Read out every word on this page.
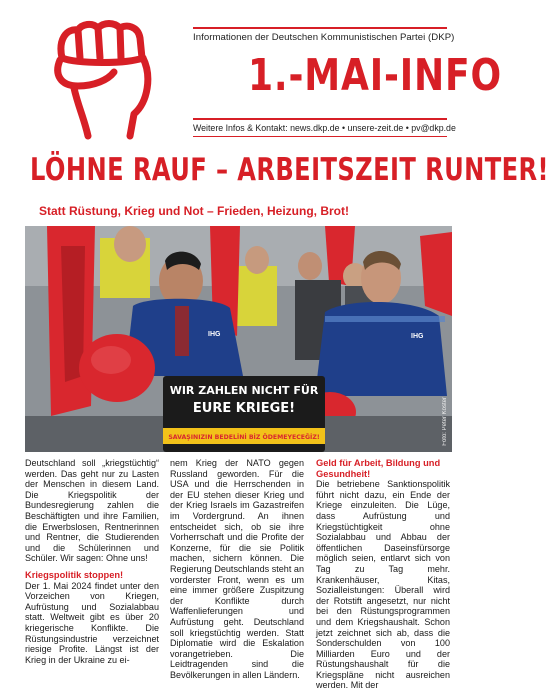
Informationen der Deutschen Kommunistischen Partei (DKP)
1.-MAI-INFO
Weitere Infos & Kontakt: news.dkp.de • unsere-zeit.de • pv@dkp.de
LÖHNE RAUF – ARBEITSZEIT RUNTER!
Statt Rüstung, Krieg und Not – Frieden, Heizung, Brot!
WIR ZAHLEN NICHT FÜR
EURE KRIEGE!
SAVAŞINIZIN BEDELİNİ BİZ ÖDEMEYECEĞİZ!
IHG	IHG
Foto: Peter Köster

Deutschland soll „kriegstüchtig“ werden. Das geht nur zu Lasten der Menschen in diesem Land. Die Kriegspolitik der Bundesregierung zahlen die Beschäftigten und ihre Familien, die Erwerbslosen, Rentnerinnen und Rentner, die Studierenden und die Schülerinnen und Schüler. Wir sagen: Ohne uns!

Kriegspolitik stoppen!

Der 1. Mai 2024 findet unter den Vorzeichen von Kriegen, Aufrüstung und Sozialabbau statt. Weltweit gibt es über 20 kriegerische Konflikte. Die Rüstungsindustrie verzeichnet riesige Profite. Längst ist der Krieg in der Ukraine zu ei-

nem Krieg der NATO gegen Russland geworden. Für die USA und die Herrschenden in der EU stehen dieser Krieg und der Krieg Israels im Gazastreifen im Vordergrund. An ihnen entscheidet sich, ob sie ihre Vorherrschaft und die Profite der Konzerne, für die sie Politik machen, sichern können. Die Regierung Deutschlands steht an vorderster Front, wenn es um eine immer größere Zuspitzung der Konflikte durch Waffenlieferungen und Aufrüstung geht. Deutschland soll kriegstüchtig werden. Statt Diplomatie wird die Eskalation vorangetrieben. Die Leidtragenden sind die Bevölkerungen in allen Ländern.

Geld für Arbeit, Bildung und Gesundheit!

Die betriebene Sanktionspolitik führt nicht dazu, ein Ende der Kriege einzuleiten. Die Lüge, dass Aufrüstung und Kriegstüchtigkeit ohne Sozialabbau und Abbau der öffentlichen Daseinsfürsorge möglich seien, entlarvt sich von Tag zu Tag mehr. Krankenhäuser, Kitas, Sozialleistungen: Überall wird der Rotstift angesetzt, nur nicht bei den Rüstungsprogrammen und dem Kriegshaushalt. Schon jetzt zeichnet sich ab, dass die Sonderschulden von 100 Milliarden Euro und der Rüstungshaushalt für die Kriegspläne nicht ausreichen werden. Mit der
